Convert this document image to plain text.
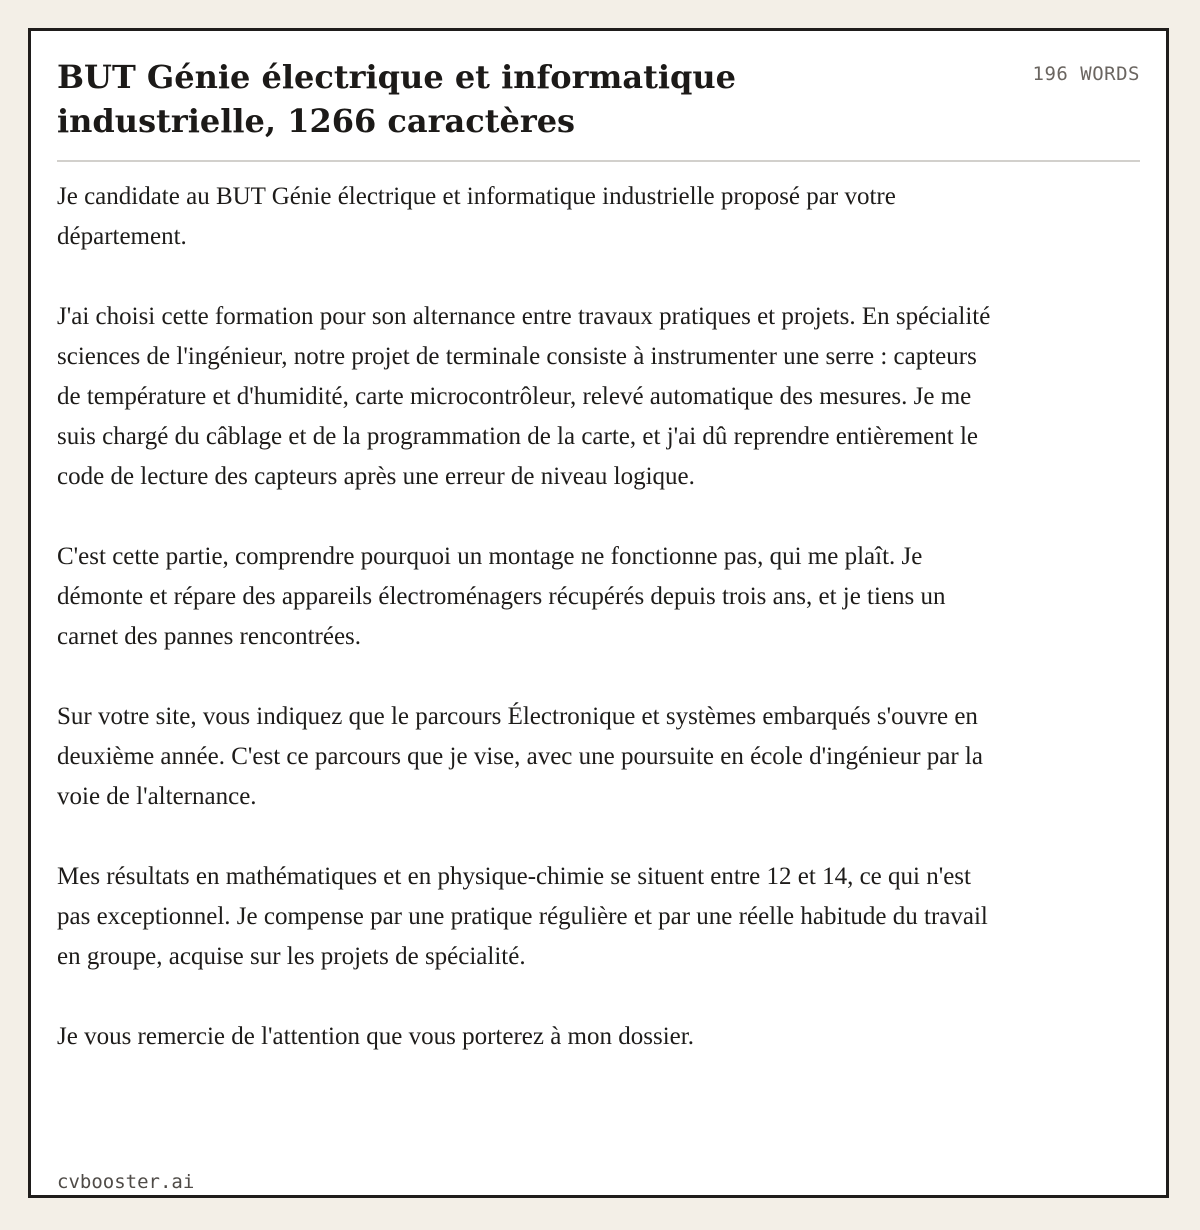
BUT Génie électrique et informatique industrielle, 1266 caractères
196 WORDS

Je candidate au BUT Génie électrique et informatique industrielle proposé par votre département.

J'ai choisi cette formation pour son alternance entre travaux pratiques et projets. En spécialité sciences de l'ingénieur, notre projet de terminale consiste à instrumenter une serre : capteurs de température et d'humidité, carte microcontrôleur, relevé automatique des mesures. Je me suis chargé du câblage et de la programmation de la carte, et j'ai dû reprendre entièrement le code de lecture des capteurs après une erreur de niveau logique.

C'est cette partie, comprendre pourquoi un montage ne fonctionne pas, qui me plaît. Je démonte et répare des appareils électroménagers récupérés depuis trois ans, et je tiens un carnet des pannes rencontrées.

Sur votre site, vous indiquez que le parcours Électronique et systèmes embarqués s'ouvre en deuxième année. C'est ce parcours que je vise, avec une poursuite en école d'ingénieur par la voie de l'alternance.

Mes résultats en mathématiques et en physique-chimie se situent entre 12 et 14, ce qui n'est pas exceptionnel. Je compense par une pratique régulière et par une réelle habitude du travail en groupe, acquise sur les projets de spécialité.

Je vous remercie de l'attention que vous porterez à mon dossier.

cvbooster.ai
